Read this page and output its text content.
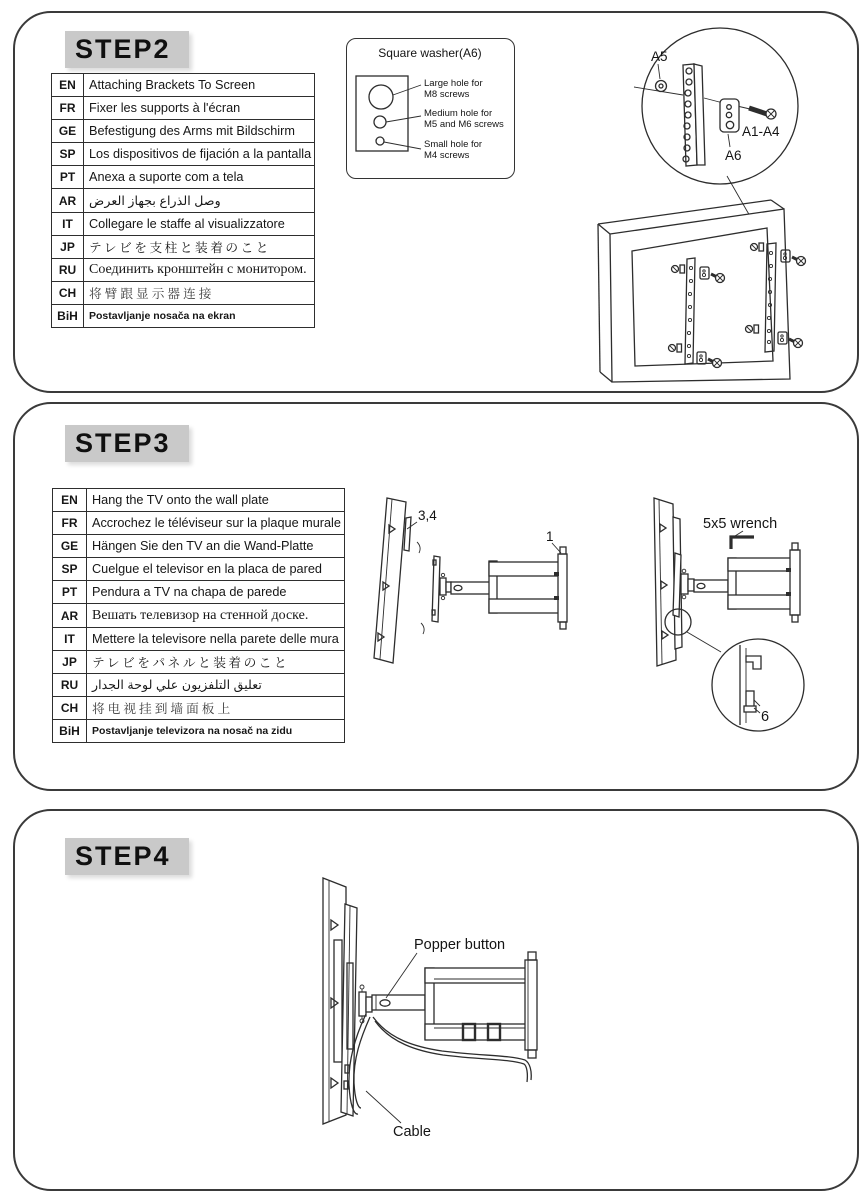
STEP2
EN	Attaching Brackets To Screen
FR	Fixer les supports à l'écran
GE	Befestigung des Arms mit Bildschirm
SP	Los dispositivos de fijación a la pantalla
PT	Anexa a suporte com a tela
AR	وصل الذراع بجهاز العرض
IT	Collegare le staffe al visualizzatore
JP	テレビを支柱と装着のこと
RU	Соединить кронштейн с монитором.
CH	将臂跟显示器连接
BiH	Postavljanje nosača na ekran
Square washer(A6)
Large hole for
M8 screws
Medium hole for
M5 and M6 screws
Small hole for
M4 screws
A5
A1-A4
A6
STEP3
EN	Hang the TV onto the wall plate
FR	Accrochez le téléviseur sur la plaque murale
GE	Hängen Sie den TV an die Wand-Platte
SP	Cuelgue el televisor en la placa de pared
PT	Pendura a TV na chapa de parede
AR	Вешать телевизор на стенной доске.
IT	Mettere la televisore nella parete delle mura
JP	テレビをパネルと装着のこと
RU	تعليق التلفزيون علي لوحة الجدار
CH	将电视挂到墙面板上
BiH	Postavljanje televizora na nosač na zidu
3,4
1
5x5 wrench
6
STEP4
Popper button
Cable
